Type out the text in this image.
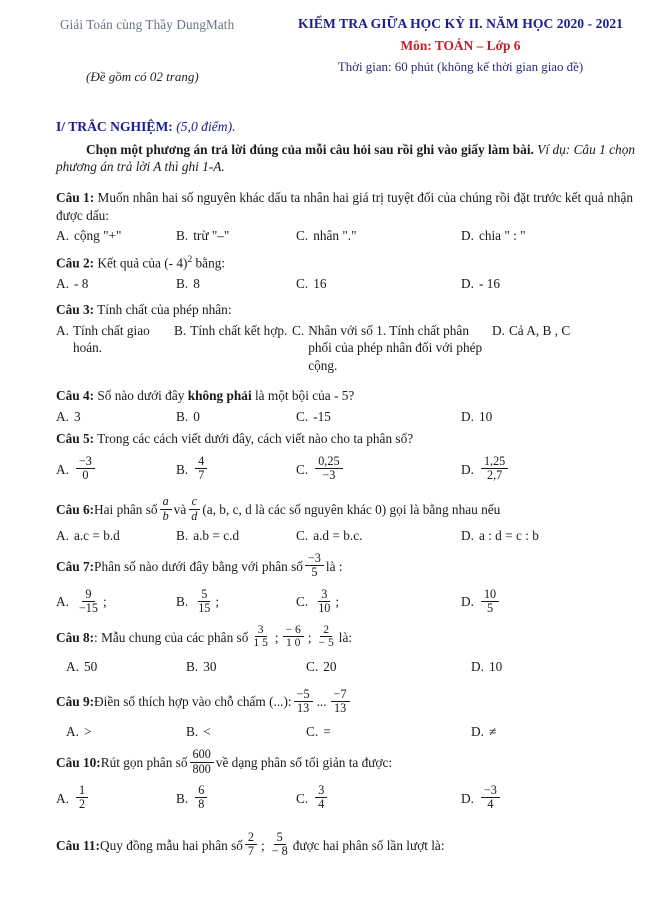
Giải Toán cùng Thầy DungMath	KIỂM TRA GIỮA HỌC KỲ II. NĂM HỌC 2020 - 2021
Môn: TOÁN – Lớp 6
Thời gian: 60 phút (không kể thời gian giao đề)
(Đề gồm có 02 trang)
I/ TRẮC NGHIỆM: (5,0 điểm).
Chọn một phương án trả lời đúng của mỗi câu hỏi sau rồi ghi vào giấy làm bài. Ví dụ: Câu 1 chọn phương án trả lời A thì ghi 1-A.
Câu 1: Muốn nhân hai số nguyên khác dấu ta nhân hai giá trị tuyệt đối của chúng rồi đặt trước kết quả nhận được dấu:
A. cộng "+"	B. trừ "–"	C. nhân "."	D. chia " : "
Câu 2: Kết quả của (- 4)$^2$ bằng:
A. - 8	B. 8	C. 16	D. - 16
Câu 3: Tính chất của phép nhân:
A. Tính chất giao hoán.
B. Tính chất kết hợp. C. Nhân với số 1. Tính chất phân phối của phép nhân đối với phép cộng.
D. Cả A, B , C
Câu 4: Số nào dưới đây không phải là một bội của - 5?
A. 3	B. 0	C. -15	D. 10
Câu 5: Trong các cách viết dưới đây, cách viết nào cho ta phân số?
A. $\frac{-3}{0}$	B. $\frac{4}{7}$	C. $\frac{0,25}{-3}$	D. $\frac{1,25}{2,7}$
Câu 6: Hai phân số $\frac{a}{b}$ và $\frac{c}{d} (a$, b, c, d là các số nguyên khác 0) gọi là bằng nhau nếu
A. a.c = b.d	B. a.b = c.d	C. a.d = b.c.	D. a : d = c : b
Câu 7: Phân số nào dưới đây bằng với phân số $\frac{-3}{5}$ là :
A. $\frac{9}{-15}$ ;	B. $\frac{5}{15}$ ;	C. $\frac{3}{10}$ ;	D. $\frac{10}{5}$
Câu 8: : Mẫu chung của các phân số $\frac{3}{1 5}$ ; $\frac{- 6}{1 0}$ ; $\frac{2}{- 5}$ là:
A. 50	B. 30	C. 20	D. 10
Câu 9: Điền số thích hợp vào chỗ chấm (...): $\frac{-5}{13}$ ... $\frac{-7}{13}$
A. >	B. <	C. =	D. ≠
Câu 10: Rút gọn phân số $\frac{600}{800}$ về dạng phân số tối giản ta được:
A. $\frac{1}{2}$	B. $\frac{6}{8}$	C. $\frac{3}{4}$	D. $\frac{-3}{4}$
Câu 11: Quy đồng mẫu hai phân số $\frac{2}{7}$ ; $\frac{5}{- 8}$ được hai phân số lần lượt là:
